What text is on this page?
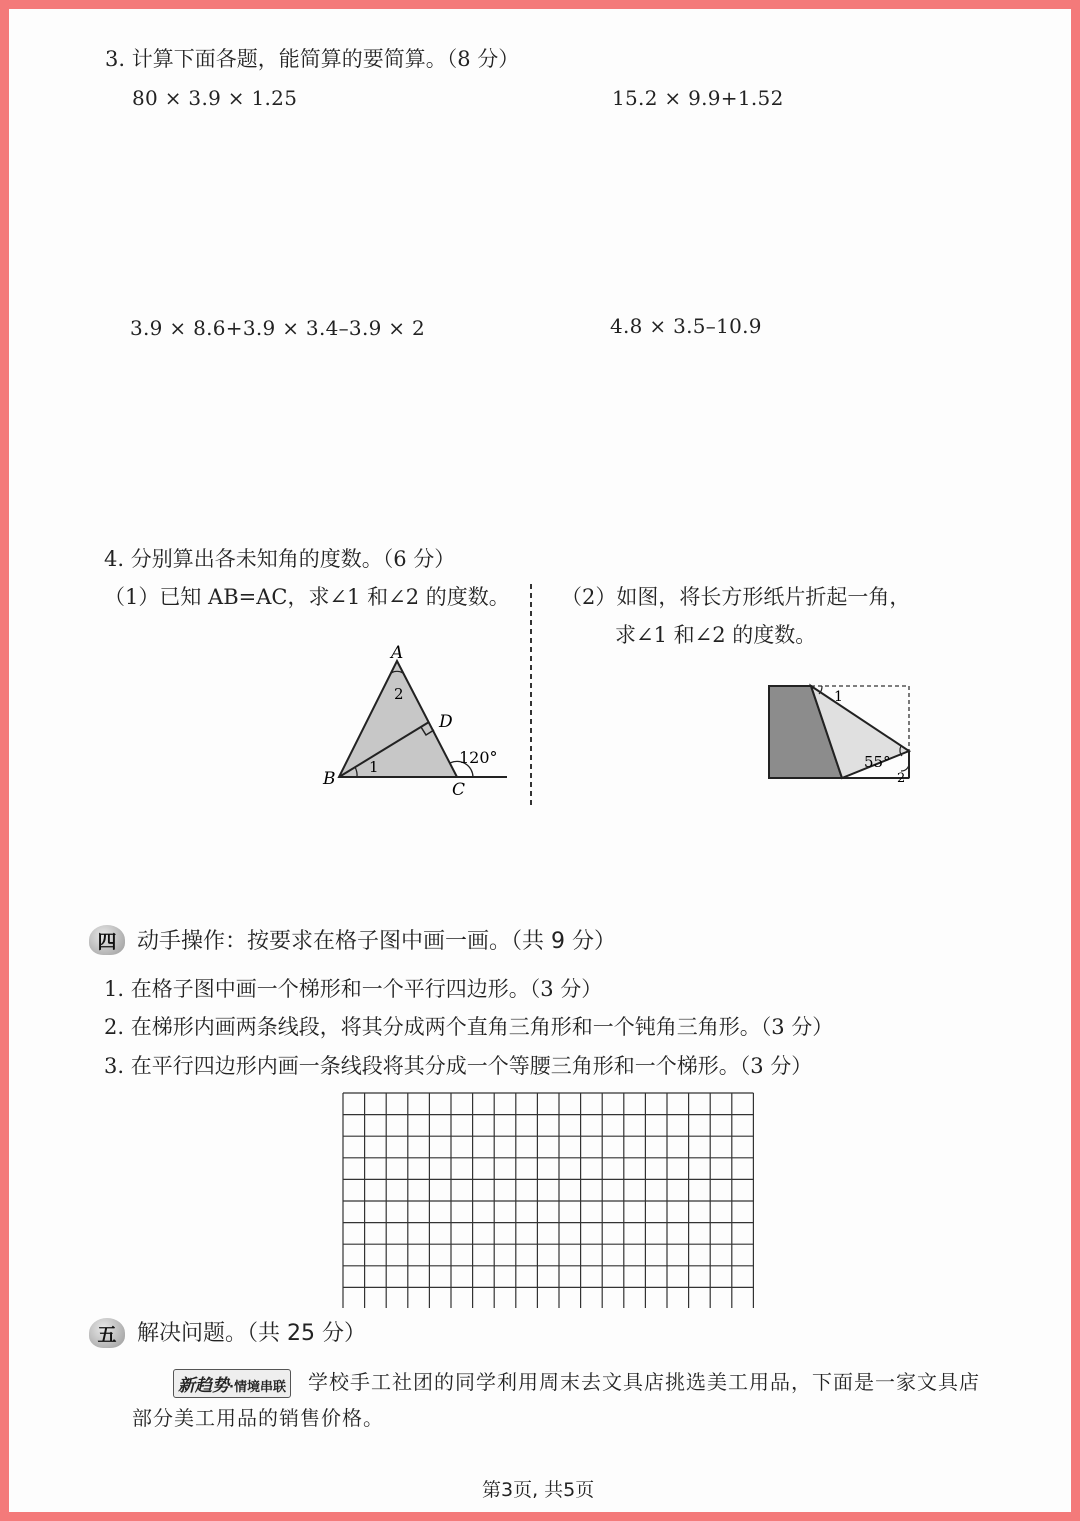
3. 计算下面各题，能简算的要简算。（8 分）
80 × 3.9 × 1.25	15.2 × 9.9+1.52
3.9 × 8.6+3.9 × 3.4–3.9 × 2	4.8 × 3.5–10.9
4. 分别算出各未知角的度数。（6 分）
（1）已知 AB=AC，求∠1 和∠2 的度数。 （2）如图，将长方形纸片折起一角，
求∠1 和∠2 的度数。
A
2
D
B
1
C
120°
1
55°
2
四 动手操作：按要求在格子图中画一画。（共 9 分）
1. 在格子图中画一个梯形和一个平行四边形。（3 分）
2. 在梯形内画两条线段，将其分成两个直角三角形和一个钝角三角形。（3 分）
3. 在平行四边形内画一条线段将其分成一个等腰三角形和一个梯形。（3 分）
五 解决问题。（共 25 分）
新趋势·情境串联 学校手工社团的同学利用周末去文具店挑选美工用品，下面是一家文具店
部分美工用品的销售价格。
第3页, 共5页
